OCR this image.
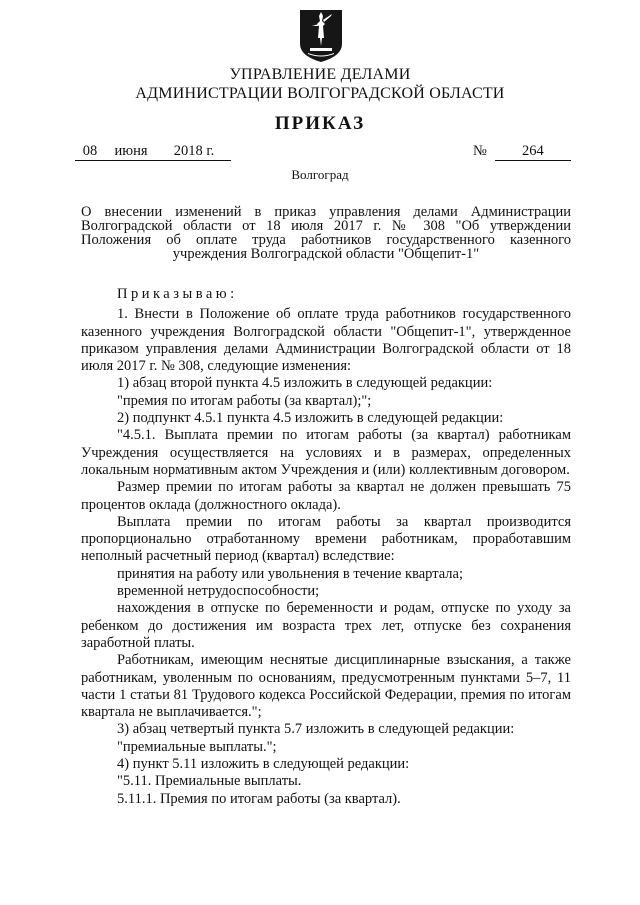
УПРАВЛЕНИЕ ДЕЛАМИ
АДМИНИСТРАЦИИ ВОЛГОГРАДСКОЙ ОБЛАСТИ
ПРИКАЗ
08 июня 2018 г.	№ 264
Волгоград
О внесении изменений в приказ управления делами Администрации
Волгоградской области от 18 июля 2017 г. № 308 "Об утверждении
Положения об оплате труда работников государственного казенного
учреждения Волгоградской области "Общепит-1"

Приказываю:

1. Внести в Положение об оплате труда работников государственного казенного учреждения Волгоградской области "Общепит-1", утвержденное приказом управления делами Администрации Волгоградской области от 18 июля 2017 г. № 308, следующие изменения:

1) абзац второй пункта 4.5 изложить в следующей редакции:

"премия по итогам работы (за квартал);";

2) подпункт 4.5.1 пункта 4.5 изложить в следующей редакции:

"4.5.1. Выплата премии по итогам работы (за квартал) работникам Учреждения осуществляется на условиях и в размерах, определенных локальным нормативным актом Учреждения и (или) коллективным договором.

Размер премии по итогам работы за квартал не должен превышать 75 процентов оклада (должностного оклада).

Выплата премии по итогам работы за квартал производится пропорционально отработанному времени работникам, проработавшим неполный расчетный период (квартал) вследствие:

принятия на работу или увольнения в течение квартала;

временной нетрудоспособности;

нахождения в отпуске по беременности и родам, отпуске по уходу за ребенком до достижения им возраста трех лет, отпуске без сохранения заработной платы.

Работникам, имеющим неснятые дисциплинарные взыскания, а также работникам, уволенным по основаниям, предусмотренным пунктами 5–7, 11 части 1 статьи 81 Трудового кодекса Российской Федерации, премия по итогам квартала не выплачивается.";

3) абзац четвертый пункта 5.7 изложить в следующей редакции:

"премиальные выплаты.";

4) пункт 5.11 изложить в следующей редакции:

"5.11. Премиальные выплаты.

5.11.1. Премия по итогам работы (за квартал).
